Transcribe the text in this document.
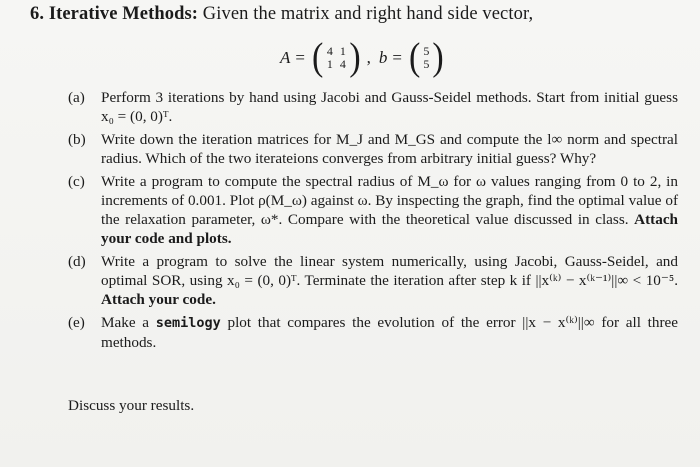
6. Iterative Methods: Given the matrix and right hand side vector,
A = ( 4 1
1 4 ) , b = ( 5
5 )
(a) Perform 3 iterations by hand using Jacobi and Gauss-Seidel methods. Start from initial guess x₀ = (0, 0)ᵀ.
(b) Write down the iteration matrices for M_J and M_GS and compute the l∞ norm and spectral radius. Which of the two iterateions converges from arbitrary initial guess? Why?
(c) Write a program to compute the spectral radius of M_ω for ω values ranging from 0 to 2, in increments of 0.001. Plot ρ(M_ω) against ω. By inspecting the graph, find the optimal value of the relaxation parameter, ω*. Compare with the theoretical value discussed in class. Attach your code and plots.
(d) Write a program to solve the linear system numerically, using Jacobi, Gauss-Seidel, and optimal SOR, using x₀ = (0, 0)ᵀ. Terminate the iteration after step k if ||x⁽ᵏ⁾ − x⁽ᵏ⁻¹⁾||∞ < 10⁻⁵. Attach your code.
(e) Make a semilogy plot that compares the evolution of the error ||x − x⁽ᵏ⁾||∞ for all three methods.
Discuss your results.
